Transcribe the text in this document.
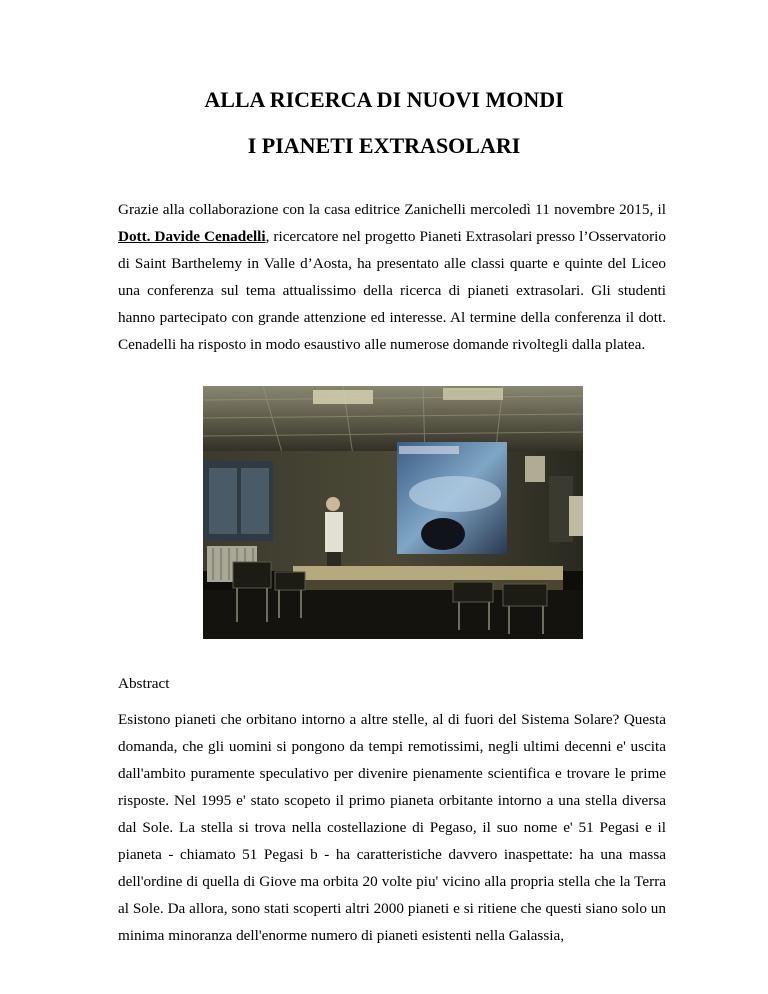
ALLA RICERCA DI NUOVI MONDI
I PIANETI EXTRASOLARI

Grazie alla collaborazione con la casa editrice Zanichelli mercoledì 11 novembre 2015, il Dott. Davide Cenadelli, ricercatore nel progetto Pianeti Extrasolari presso l’Osservatorio di Saint Barthelemy in Valle d’Aosta, ha presentato alle classi quarte e quinte del Liceo una conferenza sul tema attualissimo della ricerca di pianeti extrasolari. Gli studenti hanno partecipato con grande attenzione ed interesse. Al termine della conferenza il dott. Cenadelli ha risposto in modo esaustivo alle numerose domande rivoltegli dalla platea.

Abstract

Esistono pianeti che orbitano intorno a altre stelle, al di fuori del Sistema Solare? Questa domanda, che gli uomini si pongono da tempi remotissimi, negli ultimi decenni e' uscita dall'ambito puramente speculativo per divenire pienamente scientifica e trovare le prime risposte. Nel 1995 e' stato scopeto il primo pianeta orbitante intorno a una stella diversa dal Sole. La stella si trova nella costellazione di Pegaso, il suo nome e' 51 Pegasi e il pianeta - chiamato 51 Pegasi b - ha caratteristiche davvero inaspettate: ha una massa dell'ordine di quella di Giove ma orbita 20 volte piu' vicino alla propria stella che la Terra al Sole. Da allora, sono stati scoperti altri 2000 pianeti e si ritiene che questi siano solo un minima minoranza dell'enorme numero di pianeti esistenti nella Galassia,
